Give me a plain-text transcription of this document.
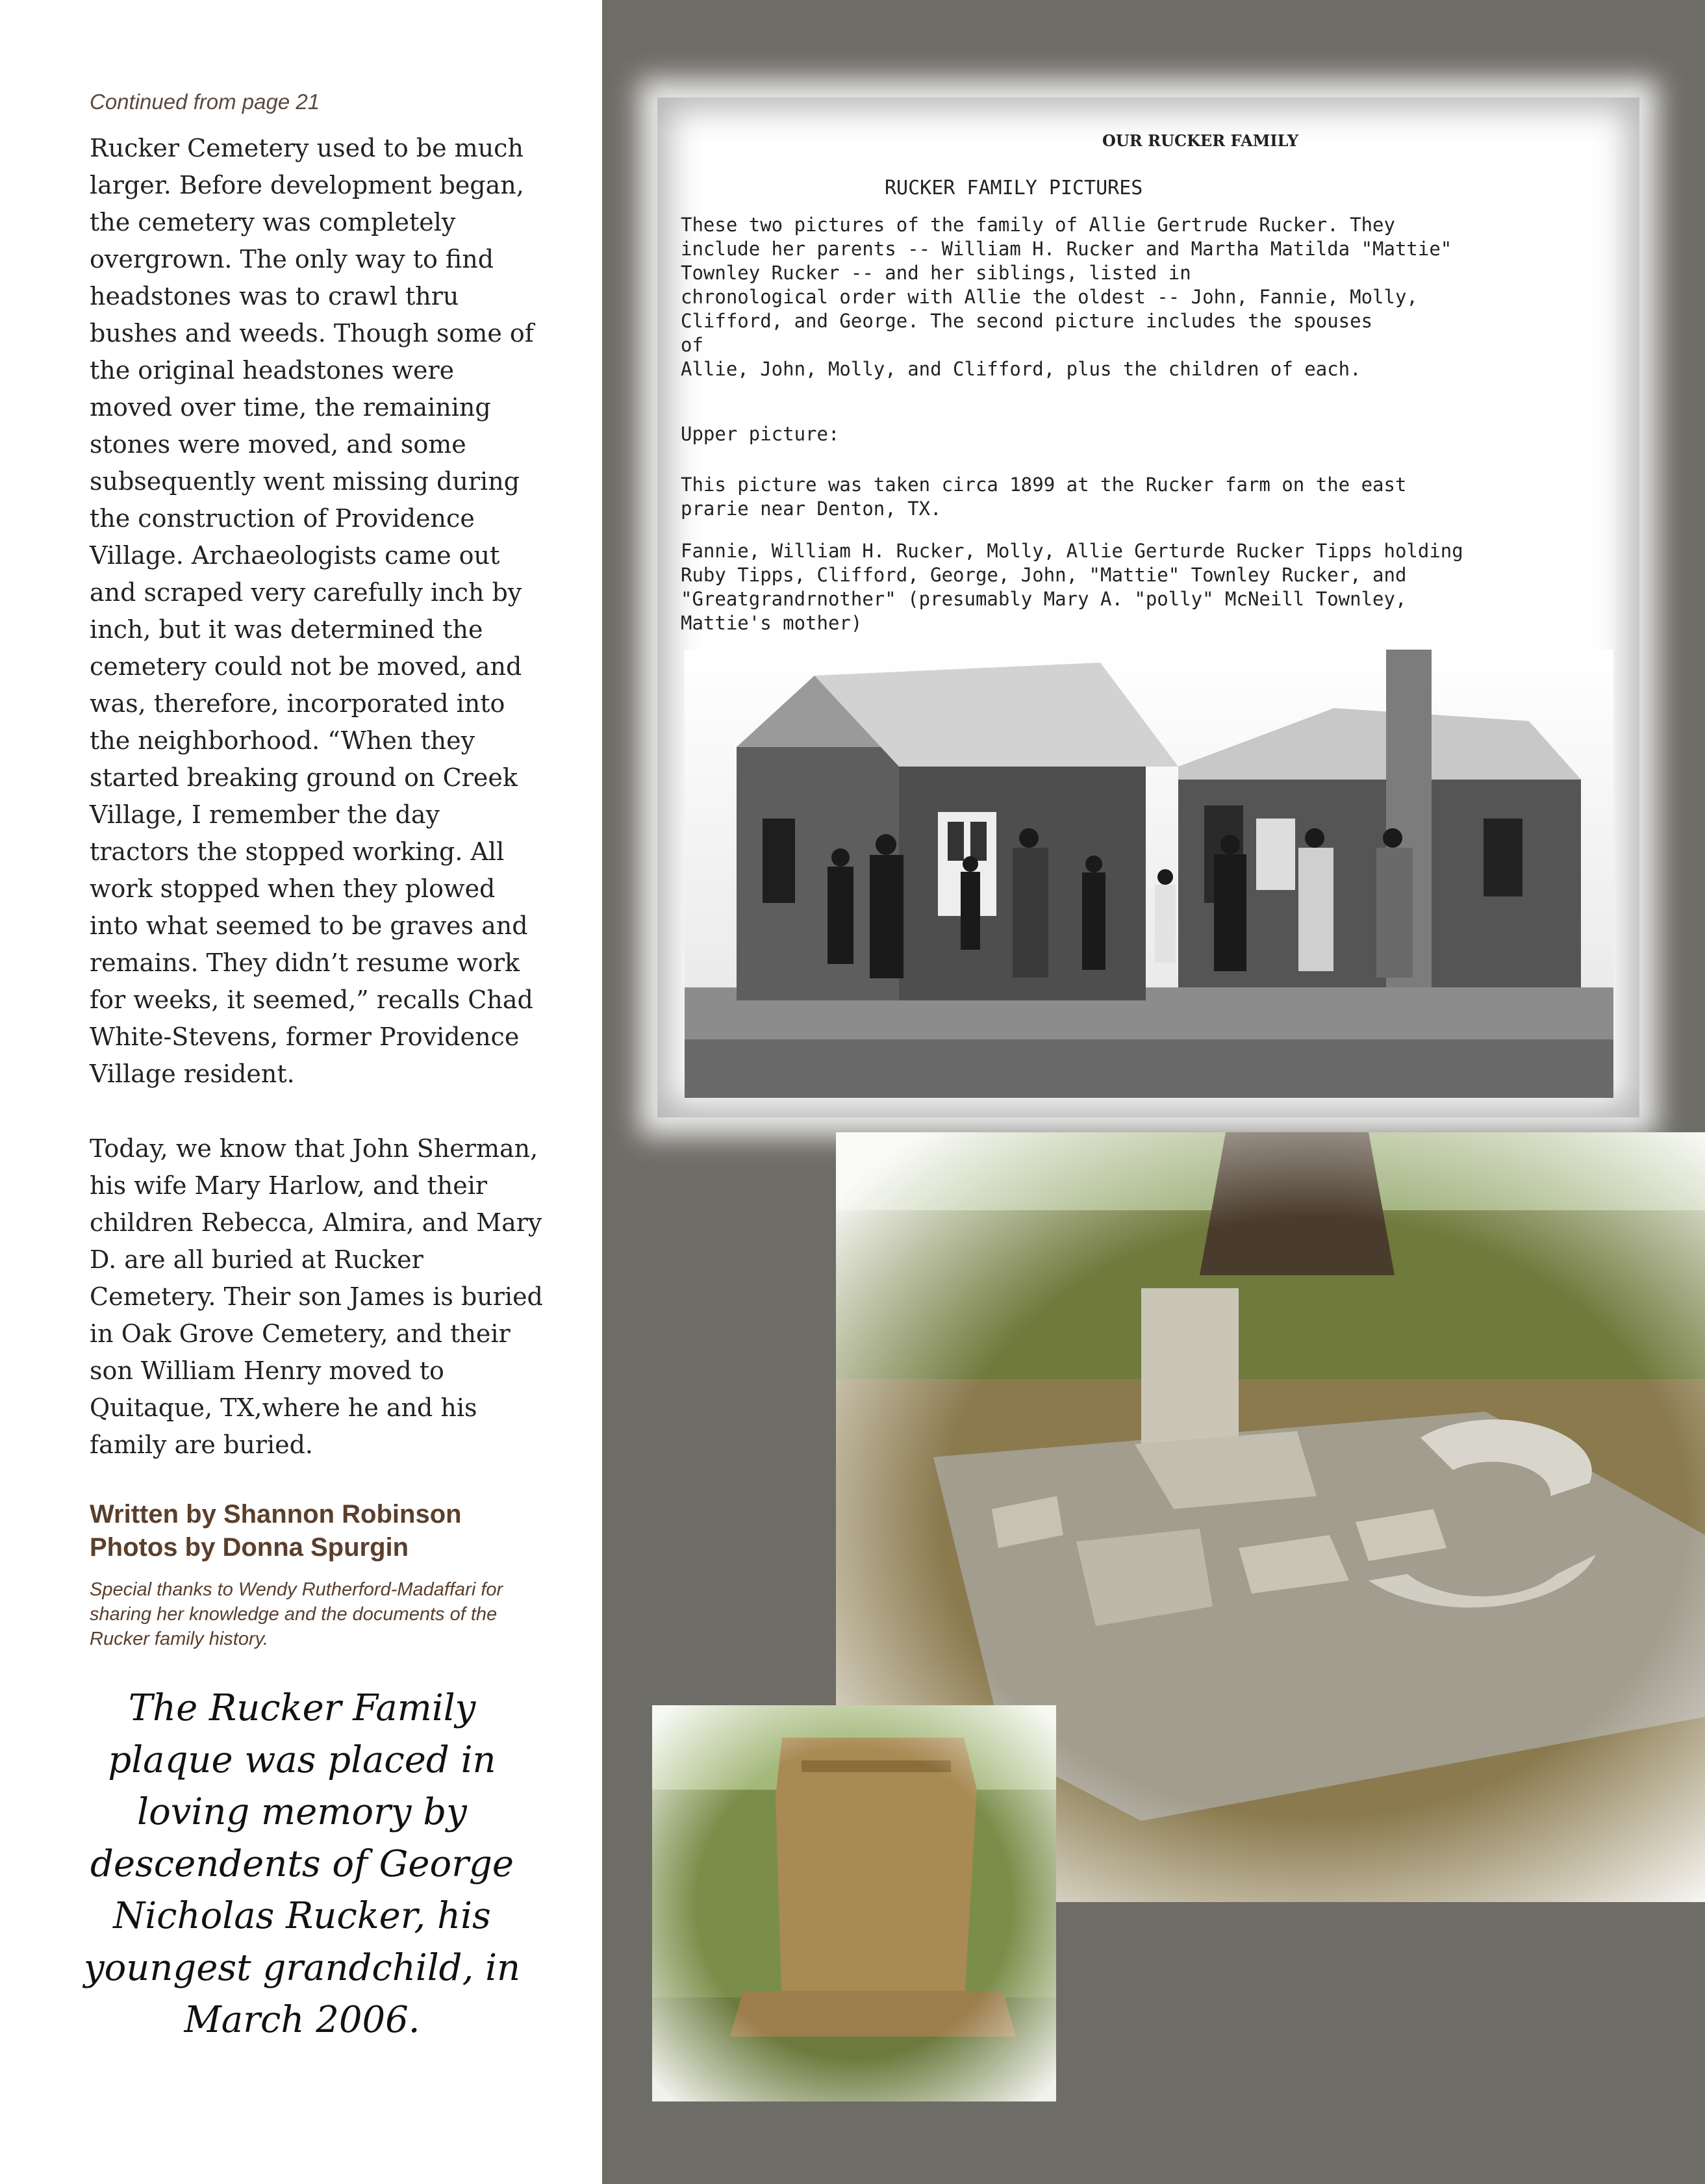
Continued from page 21

Rucker Cemetery used to be much larger. Before development began, the cemetery was completely overgrown. The only way to find headstones was to crawl thru bushes and weeds. Though some of the original headstones were moved over time, the remaining stones were moved, and some subsequently went missing during the construction of Providence Village. Archaeologists came out and scraped very carefully inch by inch, but it was determined the cemetery could not be moved, and was, therefore, incorporated into the neighborhood. “When they started breaking ground on Creek Village, I remember the day tractors the stopped working. All work stopped when they plowed into what seemed to be graves and remains. They didn’t resume work for weeks, it seemed,” recalls Chad White-Stevens, former Providence Village resident.

Today, we know that John Sherman, his wife Mary Harlow, and their children Rebecca, Almira, and Mary D. are all buried at Rucker Cemetery. Their son James is buried in Oak Grove Cemetery, and their son William Henry moved to Quitaque, TX,where he and his family are buried.

Written by Shannon Robinson
Photos by Donna Spurgin

Special thanks to Wendy Rutherford-Madaffari for sharing her knowledge and the documents of the Rucker family history.

The Rucker Family plaque was placed in loving memory by descendents of George Nicholas Rucker, his youngest grandchild, in March 2006.

OUR RUCKER FAMILY
RUCKER FAMILY PICTURES

These two pictures of the family of Allie Gertrude Rucker. They
include her parents -- William H. Rucker and Martha Matilda "Mattie"
Townley Rucker -- and her siblings, listed in
chronological order with Allie the oldest -- John, Fannie, Molly,
Clifford, and George. The second picture includes the spouses
of
Allie, John, Molly, and Clifford, plus the children of each.

Upper picture:

This picture was taken circa 1899 at the Rucker farm on the east
prarie near Denton, TX.

Fannie, William H. Rucker, Molly, Allie Gerturde Rucker Tipps holding
Ruby Tipps, Clifford, George, John, "Mattie" Townley Rucker, and
"Greatgrandrnother" (presumably Mary A. "polly" McNeill Townley,
Mattie's mother)
